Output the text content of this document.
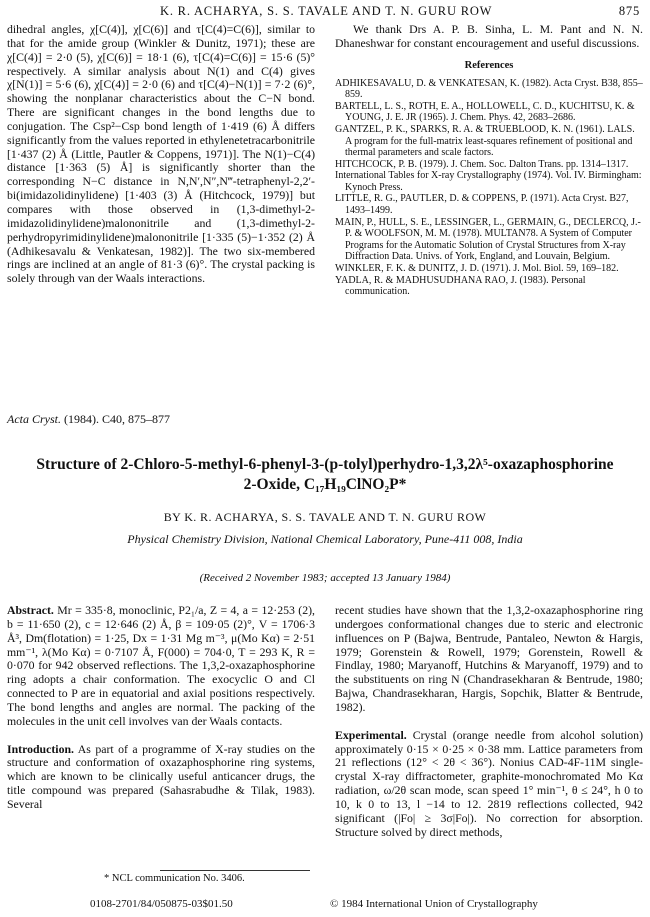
K. R. ACHARYA, S. S. TAVALE AND T. N. GURU ROW	875

dihedral angles, χ[C(4)], χ[C(6)] and τ[C(4)=C(6)], similar to that for the amide group (Winkler & Dunitz, 1971); these are χ[C(4)] = 2·0 (5), χ[C(6)] = 18·1 (6), τ[C(4)=C(6)] = 15·6 (5)° respectively. A similar analysis about N(1) and C(4) gives χ[N(1)] = 5·6 (6), χ[C(4)] = 2·0 (6) and τ[C(4)−N(1)] = 7·2 (6)°, showing the nonplanar characteristics about the C−N bond. There are significant changes in the bond lengths due to conjugation. The Csp²−Csp bond length of 1·419 (6) Å differs significantly from the values reported in ethylenetetracarbonitrile [1·437 (2) Å (Little, Pautler & Coppens, 1971)]. The N(1)−C(4) distance [1·363 (5) Å] is significantly shorter than the corresponding N−C distance in N,N′,N″,N‴-tetraphenyl-2,2′-bi(imidazolidinylidene) [1·403 (3) Å (Hitchcock, 1979)] but compares with those observed in (1,3-dimethyl-2-imidazolidinylidene)malononitrile and (1,3-dimethyl-2-perhydropyrimidinylidene)malononitrile [1·335 (5)−1·352 (2) Å (Adhikesavalu & Venkatesan, 1982)]. The two six-membered rings are inclined at an angle of 81·3 (6)°. The crystal packing is solely through van der Waals interactions.

We thank Drs A. P. B. Sinha, L. M. Pant and N. N. Dhaneshwar for constant encouragement and useful discussions.

References
ADHIKESAVALU, D. & VENKATESAN, K. (1982). Acta Cryst. B38, 855–859.
BARTELL, L. S., ROTH, E. A., HOLLOWELL, C. D., KUCHITSU, K. & YOUNG, J. E. JR (1965). J. Chem. Phys. 42, 2683–2686.
GANTZEL, P. K., SPARKS, R. A. & TRUEBLOOD, K. N. (1961). LALS. A program for the full-matrix least-squares refinement of positional and thermal parameters and scale factors.
HITCHCOCK, P. B. (1979). J. Chem. Soc. Dalton Trans. pp. 1314–1317.
International Tables for X-ray Crystallography (1974). Vol. IV. Birmingham: Kynoch Press.
LITTLE, R. G., PAUTLER, D. & COPPENS, P. (1971). Acta Cryst. B27, 1493–1499.
MAIN, P., HULL, S. E., LESSINGER, L., GERMAIN, G., DECLERCQ, J.-P. & WOOLFSON, M. M. (1978). MULTAN78. A System of Computer Programs for the Automatic Solution of Crystal Structures from X-ray Diffraction Data. Univs. of York, England, and Louvain, Belgium.
WINKLER, F. K. & DUNITZ, J. D. (1971). J. Mol. Biol. 59, 169–182.
YADLA, R. & MADHUSUDHANA RAO, J. (1983). Personal communication.
Acta Cryst. (1984). C40, 875–877
Structure of 2-Chloro-5-methyl-6-phenyl-3-(p-tolyl)perhydro-1,3,2λ⁵-oxazaphosphorine
2-Oxide, C₁₇H₁₉ClNO₂P*
BY K. R. ACHARYA, S. S. TAVALE AND T. N. GURU ROW
Physical Chemistry Division, National Chemical Laboratory, Pune-411 008, India
(Received 2 November 1983; accepted 13 January 1984)

Abstract. Mr = 335·8, monoclinic, P2₁/a, Z = 4, a = 12·253 (2), b = 11·650 (2), c = 12·646 (2) Å, β = 109·05 (2)°, V = 1706·3 Å³, Dm(flotation) = 1·25, Dx = 1·31 Mg m⁻³, μ(Mo Kα) = 2·51 mm⁻¹, λ(Mo Kα) = 0·7107 Å, F(000) = 704·0, T = 293 K, R = 0·070 for 942 observed reflections. The 1,3,2-oxazaphosphorine ring adopts a chair conformation. The exocyclic O and Cl connected to P are in equatorial and axial positions respectively. The bond lengths and angles are normal. The packing of the molecules in the unit cell involves van der Waals contacts.

Introduction. As part of a programme of X-ray studies on the structure and conformation of oxazaphosphorine ring systems, which are known to be clinically useful anticancer drugs, the title compound was prepared (Sahasrabudhe & Tilak, 1983). Several

recent studies have shown that the 1,3,2-oxazaphosphorine ring undergoes conformational changes due to steric and electronic influences on P (Bajwa, Bentrude, Pantaleo, Newton & Hargis, 1979; Gorenstein & Rowell, 1979; Gorenstein, Rowell & Findlay, 1980; Maryanoff, Hutchins & Maryanoff, 1979) and to the substituents on ring N (Chandrasekharan & Bentrude, 1980; Bajwa, Chandrasekharan, Hargis, Sopchik, Blatter & Bentrude, 1982).

Experimental. Crystal (orange needle from alcohol solution) approximately 0·15 × 0·25 × 0·38 mm. Lattice parameters from 21 reflections (12° < 2θ < 36°). Nonius CAD-4F-11M single-crystal X-ray diffractometer, graphite-monochromated Mo Kα radiation, ω/2θ scan mode, scan speed 1° min⁻¹, θ ≤ 24°, h 0 to 10, k 0 to 13, l −14 to 12. 2819 reflections collected, 942 significant (|Fo| ≥ 3σ|Fo|). No correction for absorption. Structure solved by direct methods,

* NCL communication No. 3406.
0108-2701/84/050875-03$01.50	© 1984 International Union of Crystallography
